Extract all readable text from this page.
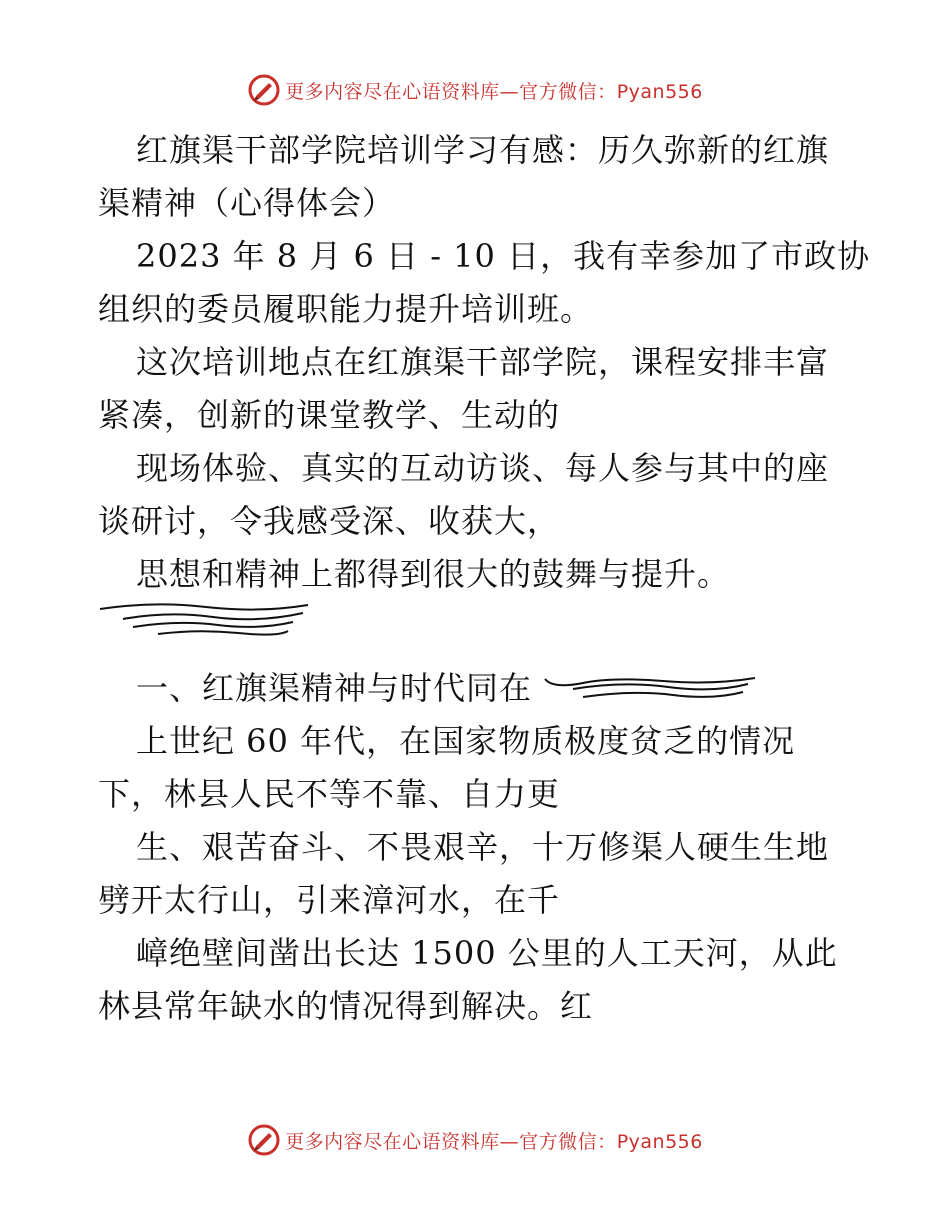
更多内容尽在心语资料库—官方微信：Pyan556
红旗渠干部学院培训学习有感：历久弥新的红旗
渠精神（心得体会）
2023 年 8 月 6 日 - 10 日，我有幸参加了市政协
组织的委员履职能力提升培训班。
这次培训地点在红旗渠干部学院，课程安排丰富
紧凑，创新的课堂教学、生动的
现场体验、真实的互动访谈、每人参与其中的座
谈研讨，令我感受深、收获大，
思想和精神上都得到很大的鼓舞与提升。
一、红旗渠精神与时代同在
上世纪 60 年代，在国家物质极度贫乏的情况
下，林县人民不等不靠、自力更
生、艰苦奋斗、不畏艰辛，十万修渠人硬生生地
劈开太行山，引来漳河水，在千
嶂绝壁间凿出长达 1500 公里的人工天河，从此
林县常年缺水的情况得到解决。红
更多内容尽在心语资料库—官方微信：Pyan556
